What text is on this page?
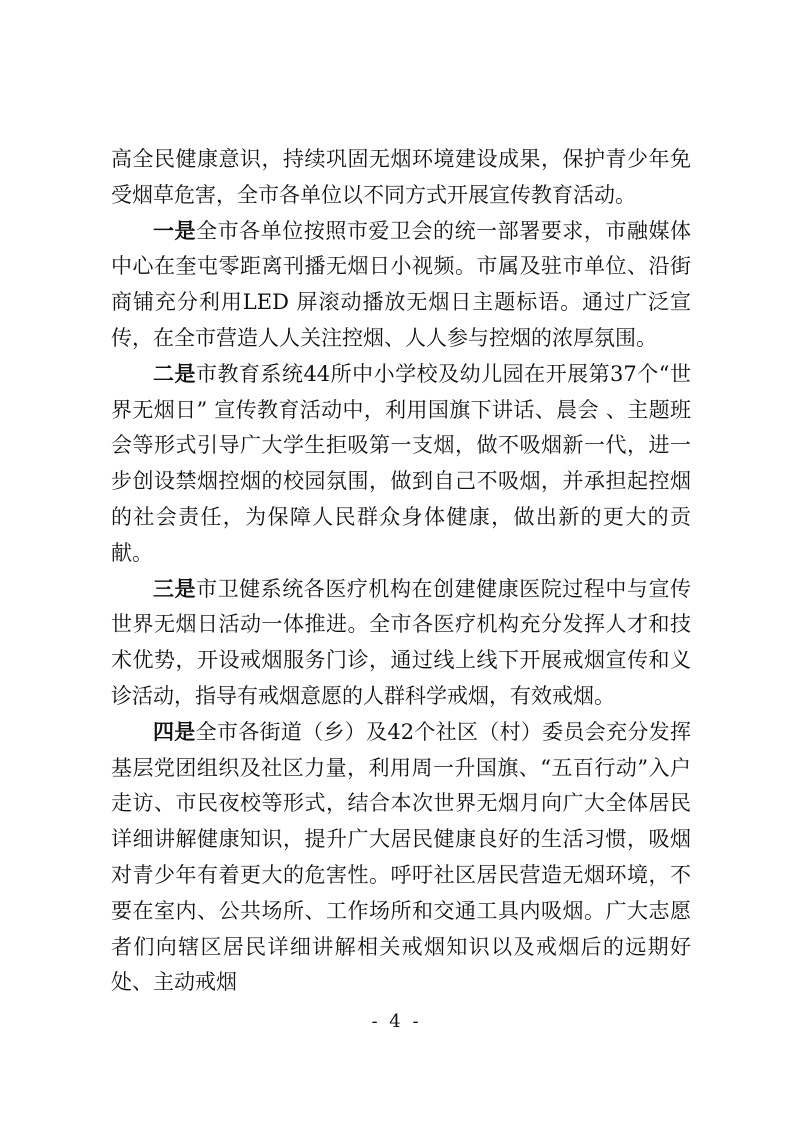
高全民健康意识，持续巩固无烟环境建设成果，保护青少年免受烟草危害，全市各单位以不同方式开展宣传教育活动。

一是全市各单位按照市爱卫会的统一部署要求，市融媒体中心在奎屯零距离刊播无烟日小视频。市属及驻市单位、沿街商铺充分利用LED 屏滚动播放无烟日主题标语。通过广泛宣传，在全市营造人人关注控烟、人人参与控烟的浓厚氛围。

二是市教育系统44所中小学校及幼儿园在开展第37个“世界无烟日” 宣传教育活动中，利用国旗下讲话、晨会 、主题班会等形式引导广大学生拒吸第一支烟，做不吸烟新一代，进一步创设禁烟控烟的校园氛围，做到自己不吸烟，并承担起控烟的社会责任，为保障人民群众身体健康，做出新的更大的贡献。

三是市卫健系统各医疗机构在创建健康医院过程中与宣传世界无烟日活动一体推进。全市各医疗机构充分发挥人才和技术优势，开设戒烟服务门诊，通过线上线下开展戒烟宣传和义诊活动，指导有戒烟意愿的人群科学戒烟，有效戒烟。

四是全市各街道（乡）及42个社区（村）委员会充分发挥基层党团组织及社区力量，利用周一升国旗、“五百行动”入户走访、市民夜校等形式，结合本次世界无烟月向广大全体居民详细讲解健康知识，提升广大居民健康良好的生活习惯，吸烟对青少年有着更大的危害性。呼吁社区居民营造无烟环境，不要在室内、公共场所、工作场所和交通工具内吸烟。广大志愿者们向辖区居民详细讲解相关戒烟知识以及戒烟后的远期好处、主动戒烟

- 4 -
